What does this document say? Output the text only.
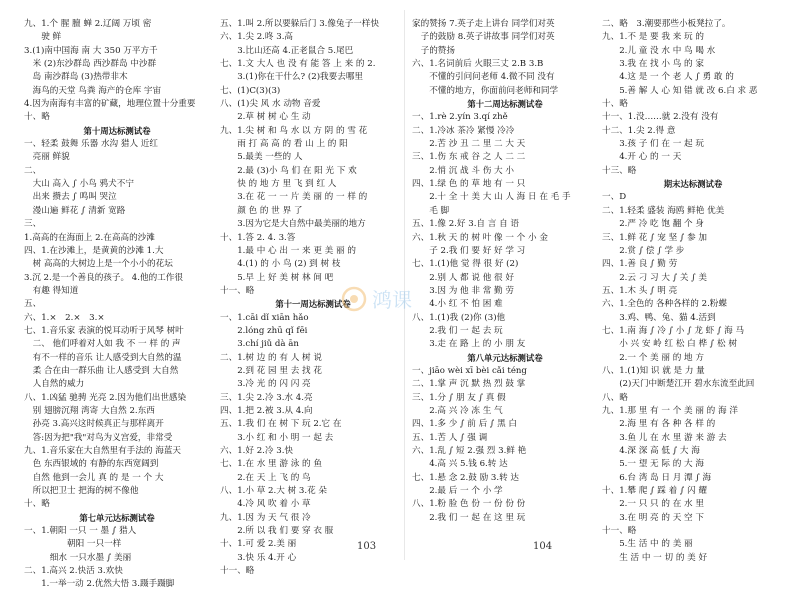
九、1.个 腥 膻 蝉 2.辽阔 万顷 密
　　驶 鲜
3.(1)南中国海 南 大 350 万平方千
　米 (2)东沙群岛 西沙群岛 中沙群
　岛 南沙群岛 (3)热带非木
　海鸟的天堂 鸟粪 海产的仓库 宇宙
4.因为南海有丰富的矿藏，地理位置十分重要
十、略
第十周达标测试卷
一、轻柔 鼓舞 乐器 水沟 猎人 近红
　亮丽 鲜貌
二、
　大山 高入 ∫ 小鸟 鸦犬不宁
　出来 攒去 ∫ 鸣叫 哭泣
　漫山遍 鲜花 ∫ 清新 宽路
三、
1.高高的在海面上 2.在高高的沙滩
四、1.在沙滩上，是黄黄的沙滩 1.大
　树 高高的大树边上是一个小小的花坛
3.沉 2.是一个善良的孩子。 4.他的工作很
　有趣 得知道
五、
六、1.×　2.×　3.×
七、1.音乐家 表演的悦耳动听于风琴 树叶
　二、 他们呼着对人如 我 不 一 样 的 声
　有不一样的音乐 让人感受到大自然的温
　柔 合在由一群乐曲 让人感受到 大自然
　人自然的威力
八、1.凶猛 驰骋 光亮 2.因为他们出世感染
　别 翅膀沉翔 湾寄 大自然 2.东西
　孙亮 3.高兴这时候真正与那样离开
　答:因为把"我"对鸟为义宫爱，非常受
九、1.音乐家在大自然里有手法的 海蓝天
　色 东西银域的 有静的东西宽阔到
　自然 他到一会儿 真 的 是 一 个 大
　所以把卫士 把海的树不像他
十、略
第七单元达标测试卷
一、1.朝阳 一只 一 墨 ∫ 猎人
　　　　　朝阳 一只一样
　　　细水 一只水墨 ∫ 美丽
二、1.高兴 2.快活 3.欢快
　　1.一举一动 2.优然大悟 3.蹑手蹑脚
五、1.叫 2.所以要躲后门 3.像兔子一样快
六、1.尖 2.咚 3.高
　　3.比山还高 4.正老鼠合 5.尾巴
七、1.文 大人 也 没 有 能 答 上 来 的 2.
　　3.(1)你在干什么? (2)我要去哪里
七、(1)C(3)(3)
八、(1)尖 风 水 动物 音爱
　　2.草 树 树 心 生 动
九、1.尖 树 和 鸟 水 以 方 阴 的 雪 花
　　雨 打 高 高 的 看 山 上 的 阳
　　5.最美 一些的 人
　　2.最 (3)小 鸟 们 在 阳 光 下 欢
　　快 的 地 方 里 飞 到 红 人
　　3.在 花 一 一 片 美 丽 的 一 样 的
　　颜 色 的 世 界 了
　　3.因为它是大自然中最美丽的地方
十、1.答 2. 4. 3.答
　　1.最 中 心 出 一 来 更 美 丽 的
　　4.(1) 的 小 鸟 (2) 到 树 枝
　　5.早 上 好 美 树 林 间 吧
十一、略
第十一周达标测试卷
一、1.cāi dǐ xiān hǎo
　　2.lóng zhū qǐ fēi
　　3.chí jiǔ dà ān
二、1.树 边 的 有 人 树 说
　　2.到 花 园 里 去 找 花
　　3.冷 光 的 闪 闪 亮
三、1.尖 2.冷 3.水 4.亮
四、1.把 2.被 3.从 4.向
五、1.我 们 在 树 下 玩 2.它 在
　　3.小 红 和 小 明 一 起 去
六、1.好 2.冷 3.快
七、1.在 水 里 游 泳 的 鱼
　　2.在 天 上 飞 的 鸟
八、1.小 草 2.大 树 3.花 朵
　　4.冷 风 吹 着 小 草
九、1.因 为 天 气 很 冷
　　2.所 以 我 们 要 穿 衣 服
十、1.可 爱 2.美 丽
　　3.快 乐 4.开 心
十一、略
家的赞扬 7.英子走上讲台 同学们对英
　子的鼓励 8.英子讲故事 同学们对英
　子的赞扬
六、1.名词前后 火眼三丈 2.B 3.B
　　不懂的引问问老师 4.微不同 没有
　　不懂的地方，你面前问老师和同学
第十二周达标测试卷
一、1.rè 2.yín 3.qí zhě
二、1.冷冰 茶冷 紧慢 冷冷
　　2.苦 沙 丑 二 里 二 大 天
三、1.伤 东 戒 谷 之 人 二 二
　　2.悄 沉 战 斗 伤 大 小
四、1.绿 色 的 草 地 有 一 只
　　2.十 全 十 美 大 山 人 海 日 在 毛 手
　　毛 脚
五、1.像 2.好 3.自 言 自 语
六、1.秋 天 的 树 叶 像 一 个 小 金
　　子 2.我 们 要 好 好 学 习
七、1.(1)他 觉 得 很 好 (2)
　　2.别 人 都 说 他 很 好
　　3.因 为 他 非 常 勤 劳
　　4.小 红 不 怕 困 难
八、1.(1)我 (2)你 (3)他
　　2.我 们 一 起 去 玩
　　3.走 在 路 上 的 小 朋 友
第八单元达标测试卷
一、jiāo wèi xī bèi cǎi téng
二、1.掌 声 沉 默 热 烈 鼓 掌
三、1.分 ∫ 朋 友 ∫ 真 假
　　2.高 兴 冷 冻 生 气
四、1.多 少 ∫ 前 后 ∫ 黑 白
五、1.苦 人 ∫ 强 调
六、1.乱 ∫ 短 2.强 烈 3.鲜 艳
　　4.高 兴 5.钱 6.转 达
七、1.悬 念 2.鼓 励 3.转 达
　　2.最 后 一 个 小 学
八、1.粉 脸 色 份 一 份 份 份
　　2.我 们 一 起 在 这 里 玩
二、略　3.潮要那些小板凳拉了。
九、1.不 是 要 我 来 玩 的
　　2.儿 童 没 水 中 鸟 喝 水
　　3.我 在 找 小 鸟 的 家
　　4.这 是 一 个 老 人 ∫ 勇 敢 的
　　5.善 解 人 心 知 错 就 改 6.白 求 恶
十、略
十一、1.没……就 2.没有 没有
十二、1.尖 2.得 意
　　3.孩 子 们 在 一 起 玩
　　4.开 心 的 一 天
十三、略
期末达标测试卷
一、D
二、1.轻柔 盛装 海鸥 鲜艳 优美
　　2.严 冷 吃 饱 翻 个 身
三、1.鲜 花 ∫ 宠 坚 ∫ 参 加
　　2.赏 ∫ 偿 ∫ 学 步
四、1.善 良 ∫ 勤 劳
　　2.云 刁 习 大 ∫ 关 ∫ 美
五、1.木 头 ∫ 明 亮
六、1.全色的 各种各样的 2.粉蝶
　　3.鸡、鸭、兔、猫 4.活到
七、1.南 海 ∫ 冷 ∫ 小 ∫ 龙 虾 ∫ 海 马
　　小 兴 安 岭 红 松 白 桦 ∫ 松 树
　　2.一 个 美 丽 的 地 方
八、1.(1)知 识 就 是 力 量
　　(2)天门中断楚江开 碧水东流至此回
八、略
九、1.那 里 有 一 个 美 丽 的 海 洋
　　2.海 里 有 各 种 各 样 的
　　3.鱼 儿 在 水 里 游 来 游 去
　　4.深 深 高 低 ∫ 大 海
　　5.一 望 无 际 的 大 海
　　6.台 湾 岛 日 月 潭 ∫ 海
十、1.攀 爬 ∫ 踩 着 ∫ 闪 耀
　　2.一 只 只 的 在 水 里
　　3.在 明 亮 的 天 空 下
十一、略
　　5.生 活 中 的 美 丽
　　生 活 中 一 切 的 美 好
鸿课
103	104
